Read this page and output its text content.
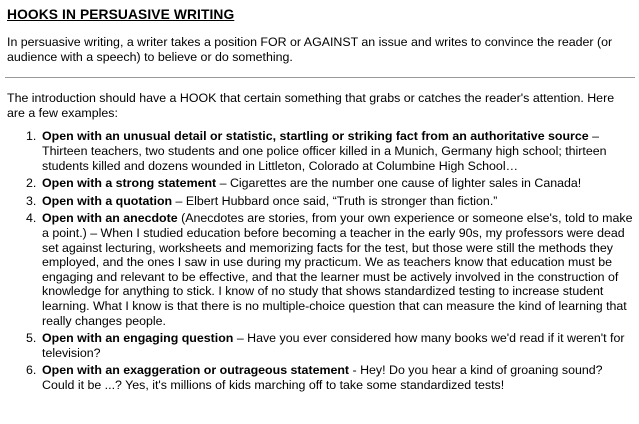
HOOKS IN PERSUASIVE WRITING

In persuasive writing, a writer takes a position FOR or AGAINST an issue and writes to convince the reader (or audience with a speech) to believe or do something.

The introduction should have a HOOK that certain something that grabs or catches the reader's attention. Here are a few examples:

1. Open with an unusual detail or statistic, startling or striking fact from an authoritative source – Thirteen teachers, two students and one police officer killed in a Munich, Germany high school; thirteen students killed and dozens wounded in Littleton, Colorado at Columbine High School…
2. Open with a strong statement – Cigarettes are the number one cause of lighter sales in Canada!
3. Open with a quotation – Elbert Hubbard once said, “Truth is stronger than fiction.”
4. Open with an anecdote (Anecdotes are stories, from your own experience or someone else's, told to make a point.) – When I studied education before becoming a teacher in the early 90s, my professors were dead set against lecturing, worksheets and memorizing facts for the test, but those were still the methods they employed, and the ones I saw in use during my practicum. We as teachers know that education must be engaging and relevant to be effective, and that the learner must be actively involved in the construction of knowledge for anything to stick. I know of no study that shows standardized testing to increase student learning. What I know is that there is no multiple-choice question that can measure the kind of learning that really changes people.
5. Open with an engaging question – Have you ever considered how many books we'd read if it weren't for television?
6. Open with an exaggeration or outrageous statement - Hey! Do you hear a kind of groaning sound? Could it be ...? Yes, it's millions of kids marching off to take some standardized tests!
